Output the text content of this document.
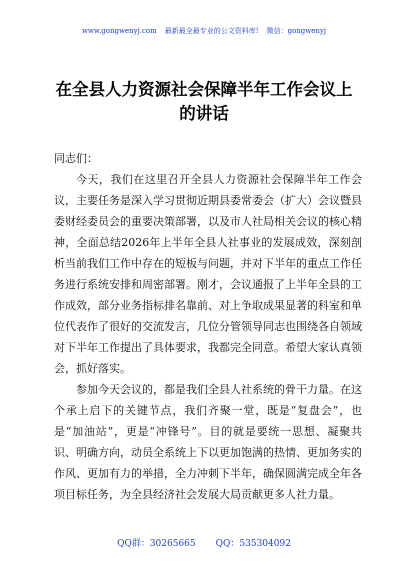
www.gongwenyj.com 最新最全最专业的公文资料库! 微信：gongwenyj
在全县人力资源社会保障半年工作会议上
的讲话

同志们：

今天，我们在这里召开全县人力资源社会保障半年工作会议，主要任务是深入学习贯彻近期县委常委会（扩大）会议暨县委财经委员会的重要决策部署，以及市人社局相关会议的核心精神，全面总结2026年上半年全县人社事业的发展成效，深刻剖析当前我们工作中存在的短板与问题，并对下半年的重点工作任务进行系统安排和周密部署。刚才，会议通报了上半年全县的工作成效，部分业务指标排名靠前、对上争取成果显著的科室和单位代表作了很好的交流发言，几位分管领导同志也围绕各自领域对下半年工作提出了具体要求，我都完全同意。希望大家认真领会，抓好落实。

参加今天会议的，都是我们全县人社系统的骨干力量。在这个承上启下的关键节点，我们齐聚一堂，既是“复盘会”，也是“加油站”，更是“冲锋号”。目的就是要统一思想、凝聚共识、明确方向，动员全系统上下以更加饱满的热情、更加务实的作风、更加有力的举措，全力冲刺下半年，确保圆满完成全年各项目标任务，为全县经济社会发展大局贡献更多人社力量。

QQ群：30265665 QQ：535304092
